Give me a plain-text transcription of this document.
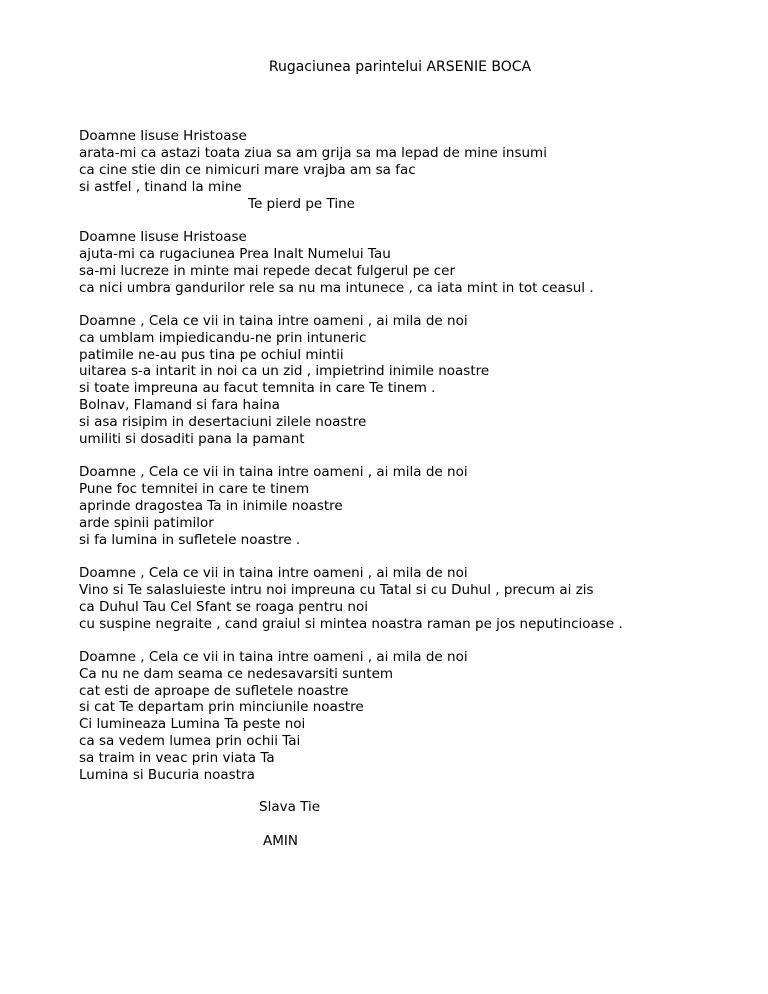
Rugaciunea parintelui ARSENIE BOCA
Doamne Iisuse Hristoase
arata-mi ca astazi toata ziua sa am grija sa ma lepad de mine insumi
ca cine stie din ce nimicuri mare vrajba am sa fac
si astfel , tinand la mine
Te pierd pe Tine
Doamne Iisuse Hristoase
ajuta-mi ca rugaciunea Prea Inalt Numelui Tau
sa-mi lucreze in minte mai repede decat fulgerul pe cer
ca nici umbra gandurilor rele sa nu ma intunece , ca iata mint in tot ceasul .
Doamne , Cela ce vii in taina intre oameni , ai mila de noi
ca umblam impiedicandu-ne prin intuneric
patimile ne-au pus tina pe ochiul mintii
uitarea s-a intarit in noi ca un zid , impietrind inimile noastre
si toate impreuna au facut temnita in care Te tinem .
Bolnav, Flamand si fara haina
si asa risipim in desertaciuni zilele noastre
umiliti si dosaditi pana la pamant
Doamne , Cela ce vii in taina intre oameni , ai mila de noi
Pune foc temnitei in care te tinem
aprinde dragostea Ta in inimile noastre
arde spinii patimilor
si fa lumina in sufletele noastre .
Doamne , Cela ce vii in taina intre oameni , ai mila de noi
Vino si Te salasluieste intru noi impreuna cu Tatal si cu Duhul , precum ai zis
ca Duhul Tau Cel Sfant se roaga pentru noi
cu suspine negraite , cand graiul si mintea noastra raman pe jos neputincioase .
Doamne , Cela ce vii in taina intre oameni , ai mila de noi
Ca nu ne dam seama ce nedesavarsiti suntem
cat esti de aproape de sufletele noastre
si cat Te departam prin minciunile noastre
Ci lumineaza Lumina Ta peste noi
ca sa vedem lumea prin ochii Tai
sa traim in veac prin viata Ta
Lumina si Bucuria noastra
Slava Tie
AMIN
